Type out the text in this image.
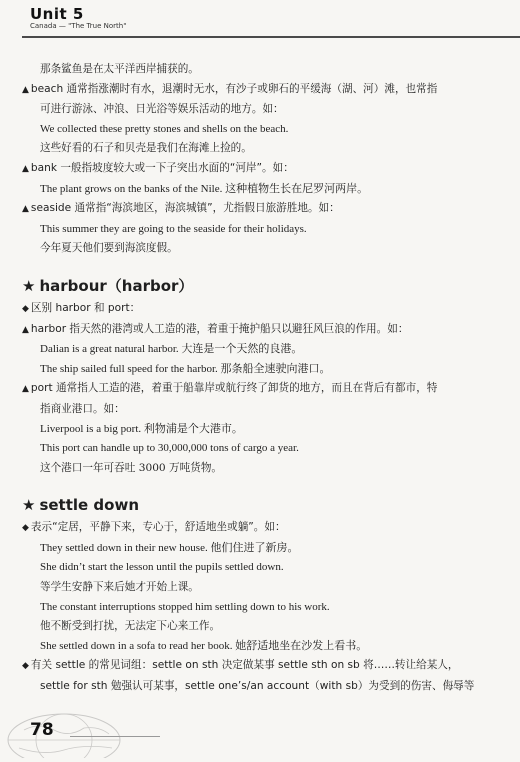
Unit 5
Canada — "The True North"
那条鲨鱼是在太平洋西岸捕获的。
▲ beach 通常指涨潮时有水，退潮时无水，有沙子或卵石的平缓海（湖、河）滩，也常指
可进行游泳、冲浪、日光浴等娱乐活动的地方。如：
We collected these pretty stones and shells on the beach.
这些好看的石子和贝壳是我们在海滩上捡的。
▲ bank 一般指坡度较大或一下子突出水面的“河岸”。如：
The plant grows on the banks of the Nile. 这种植物生长在尼罗河两岸。
▲ seaside 通常指“海滨地区，海滨城镇”，尤指假日旅游胜地。如：
This summer they are going to the seaside for their holidays.
今年夏天他们要到海滨度假。
★ harbour（harbor）
◆ 区别 harbor 和 port：
▲ harbor 指天然的港湾或人工造的港，着重于掩护船只以避狂风巨浪的作用。如：
Dalian is a great natural harbor. 大连是一个天然的良港。
The ship sailed full speed for the harbor. 那条船全速驶向港口。
▲ port 通常指人工造的港，着重于船靠岸或航行终了卸货的地方，而且在背后有都市，特
指商业港口。如：
Liverpool is a big port. 利物浦是个大港市。
This port can handle up to 30,000,000 tons of cargo a year.
这个港口一年可吞吐 3000 万吨货物。
★ settle down
◆ 表示“定居，平静下来，专心于，舒适地坐或躺”。如：
They settled down in their new house. 他们住进了新房。
She didn’t start the lesson until the pupils settled down.
等学生安静下来后她才开始上课。
The constant interruptions stopped him settling down to his work.
他不断受到打扰，无法定下心来工作。
She settled down in a sofa to read her book. 她舒适地坐在沙发上看书。
◆ 有关 settle 的常见词组：settle on sth 决定做某事 settle sth on sb 将……转让给某人，
settle for sth 勉强认可某事，settle one’s/an account（with sb）为受到的伤害、侮辱等
78
